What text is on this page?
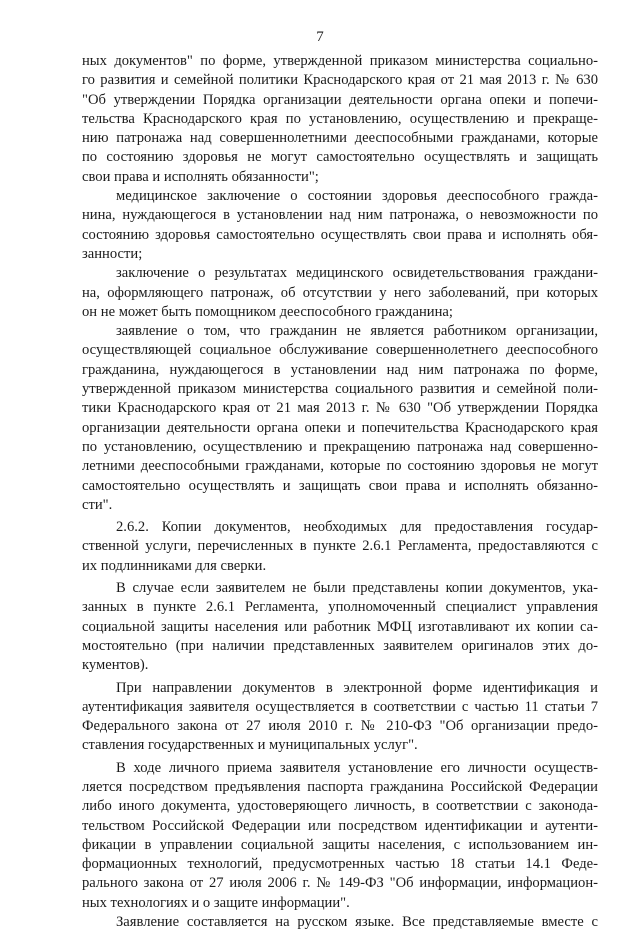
7
ных документов" по форме, утвержденной приказом министерства социально-
го развития и семейной политики Краснодарского края от 21 мая 2013 г. № 630
"Об утверждении Порядка организации деятельности органа опеки и попечи-
тельства Краснодарского края по установлению, осуществлению и прекраще-
нию патронажа над совершеннолетними дееспособными гражданами, которые
по состоянию здоровья не могут самостоятельно осуществлять и защищать
свои права и исполнять обязанности";
медицинское заключение о состоянии здоровья дееспособного гражда-
нина, нуждающегося в установлении над ним патронажа, о невозможности по
состоянию здоровья самостоятельно осуществлять свои права и исполнять обя-
занности;
заключение о результатах медицинского освидетельствования граждани-
на, оформляющего патронаж, об отсутствии у него заболеваний, при которых
он не может быть помощником дееспособного гражданина;
заявление о том, что гражданин не является работником организации,
осуществляющей социальное обслуживание совершеннолетнего дееспособного
гражданина, нуждающегося в установлении над ним патронажа по форме,
утвержденной приказом министерства социального развития и семейной поли-
тики Краснодарского края от 21 мая 2013 г. № 630 "Об утверждении Порядка
организации деятельности органа опеки и попечительства Краснодарского края
по установлению, осуществлению и прекращению патронажа над совершенно-
летними дееспособными гражданами, которые по состоянию здоровья не могут
самостоятельно осуществлять и защищать свои права и исполнять обязанно-
сти".
2.6.2. Копии документов, необходимых для предоставления государ-
ственной услуги, перечисленных в пункте 2.6.1 Регламента, предоставляются с
их подлинниками для сверки.
В случае если заявителем не были представлены копии документов, ука-
занных в пункте 2.6.1 Регламента, уполномоченный специалист управления
социальной защиты населения или работник МФЦ изготавливают их копии са-
мостоятельно (при наличии представленных заявителем оригиналов этих до-
кументов).
При направлении документов в электронной форме идентификация и
аутентификация заявителя осуществляется в соответствии с частью 11 статьи 7
Федерального закона от 27 июля 2010 г. № 210-ФЗ "Об организации предо-
ставления государственных и муниципальных услуг".
В ходе личного приема заявителя установление его личности осуществ-
ляется посредством предъявления паспорта гражданина Российской Федерации
либо иного документа, удостоверяющего личность, в соответствии с законода-
тельством Российской Федерации или посредством идентификации и аутенти-
фикации в управлении социальной защиты населения, с использованием ин-
формационных технологий, предусмотренных частью 18 статьи 14.1 Феде-
рального закона от 27 июля 2006 г. № 149-ФЗ "Об информации, информацион-
ных технологиях и о защите информации".
Заявление составляется на русском языке. Все представляемые вместе с
